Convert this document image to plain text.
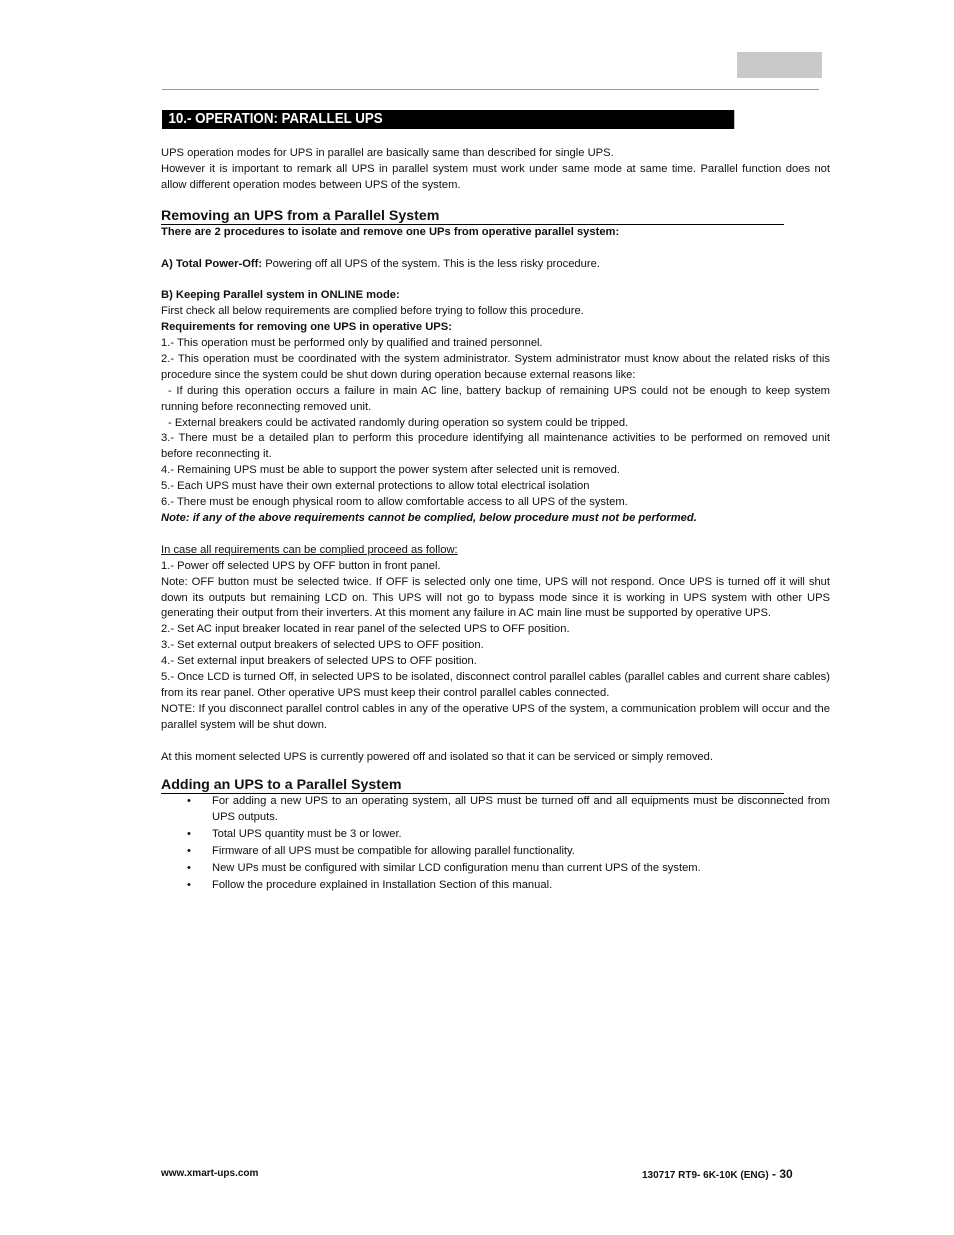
10.- OPERATION: PARALLEL UPS

UPS operation modes for UPS in parallel are basically same than described for single UPS.

However it is important to remark all UPS in parallel system must work under same mode at same time. Parallel function does not allow different operation modes between UPS of the system.

Removing an UPS from a Parallel System

There are 2 procedures to isolate and remove one UPs from operative parallel system:

A) Total Power-Off: Powering off all UPS of the system. This is the less risky procedure.

B) Keeping Parallel system in ONLINE mode:

First check all below requirements are complied before trying to follow this procedure.

Requirements for removing one UPS in operative UPS:

1.- This operation must be performed only by qualified and trained personnel.

2.- This operation must be coordinated with the system administrator. System administrator must know about the related risks of this procedure since the system could be shut down during operation because external reasons like:

- If during this operation occurs a failure in main AC line, battery backup of remaining UPS could not be enough to keep system running before reconnecting removed unit.

- External breakers could be activated randomly during operation so system could be tripped.

3.- There must be a detailed plan to perform this procedure identifying all maintenance activities to be performed on removed unit before reconnecting it.

4.- Remaining UPS must be able to support the power system after selected unit is removed.

5.- Each UPS must have their own external protections to allow total electrical isolation

6.- There must be enough physical room to allow comfortable access to all UPS of the system.

Note: if any of the above requirements cannot be complied, below procedure must not be performed.

In case all requirements can be complied proceed as follow:

1.- Power off selected UPS by OFF button in front panel.

Note: OFF button must be selected twice. If OFF is selected only one time, UPS will not respond. Once UPS is turned off it will shut down its outputs but remaining LCD on. This UPS will not go to bypass mode since it is working in UPS system with other UPS generating their output from their inverters. At this moment any failure in AC main line must be supported by operative UPS.

2.- Set AC input breaker located in rear panel of the selected UPS to OFF position.

3.- Set external output breakers of selected UPS to OFF position.

4.- Set external input breakers of selected UPS to OFF position.

5.- Once LCD is turned Off, in selected UPS to be isolated, disconnect control parallel cables (parallel cables and current share cables) from its rear panel. Other operative UPS must keep their control parallel cables connected.

NOTE: If you disconnect parallel control cables in any of the operative UPS of the system, a communication problem will occur and the parallel system will be shut down.

At this moment selected UPS is currently powered off and isolated so that it can be serviced or simply removed.

Adding an UPS to a Parallel System
• For adding a new UPS to an operating system, all UPS must be turned off and all equipments must be disconnected from UPS outputs.
• Total UPS quantity must be 3 or lower.
• Firmware of all UPS must be compatible for allowing parallel functionality.
• New UPs must be configured with similar LCD configuration menu than current UPS of the system.
• Follow the procedure explained in Installation Section of this manual.
www.xmart-ups.com	130717 RT9- 6K-10K (ENG) - 30
